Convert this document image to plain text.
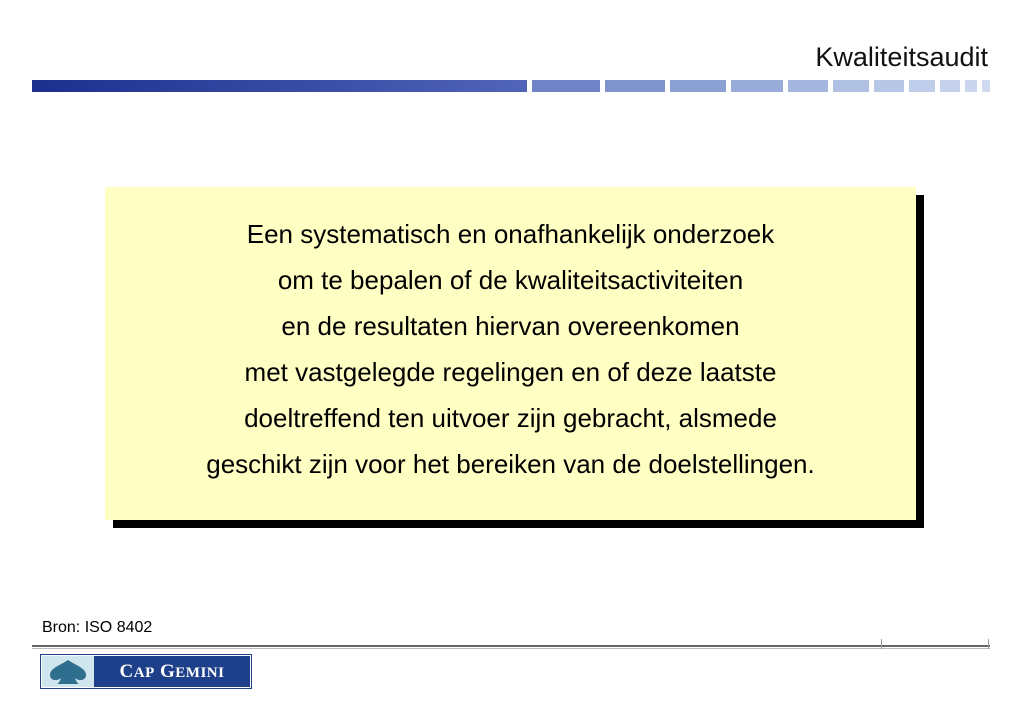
Kwaliteitsaudit

Een systematisch en onafhankelijk onderzoek

om te bepalen of de kwaliteitsactiviteiten

en de resultaten hiervan overeenkomen

met vastgelegde regelingen en of deze laatste

doeltreffend ten uitvoer zijn gebracht, alsmede

geschikt zijn voor het bereiken van de doelstellingen.

Bron: ISO 8402
CAP GEMINI
